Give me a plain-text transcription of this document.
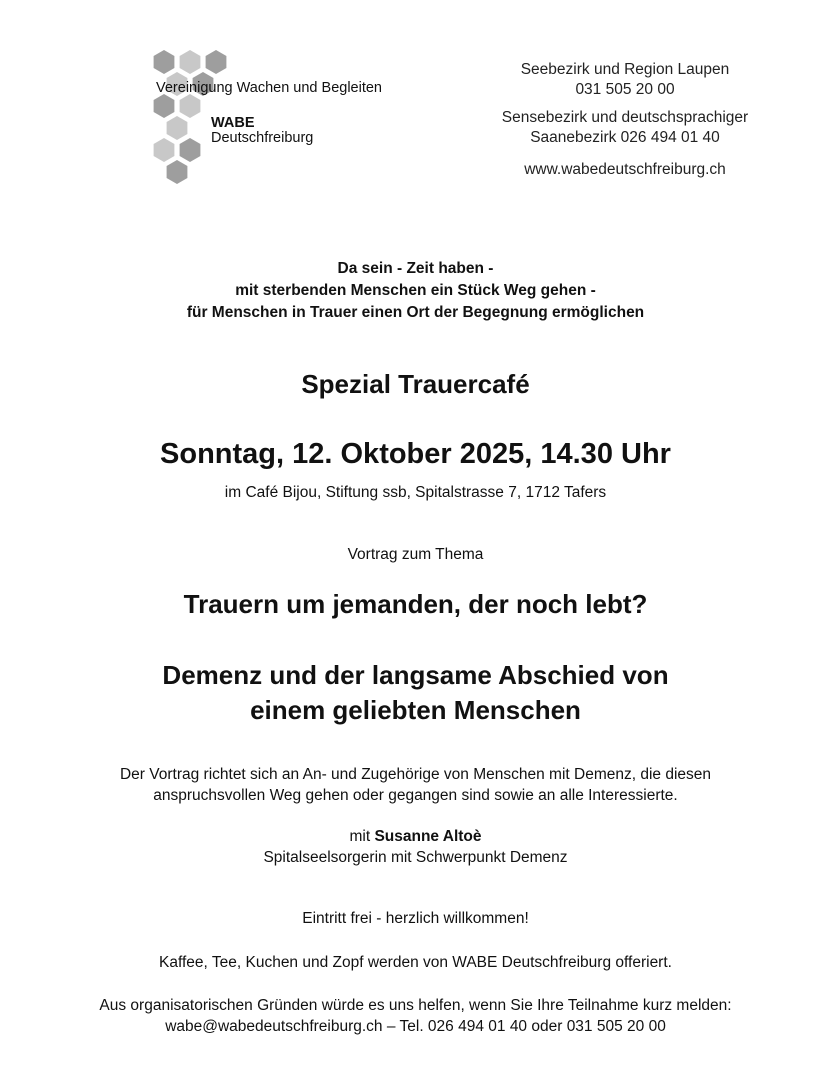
Vereinigung Wachen und Begleiten
WABE
Deutschfreiburg
Seebezirk und Region Laupen
031 505 20 00
Sensebezirk und deutschsprachiger
Saanebezirk 026 494 01 40
www.wabedeutschfreiburg.ch
Da sein - Zeit haben -
mit sterbenden Menschen ein Stück Weg gehen -
für Menschen in Trauer einen Ort der Begegnung ermöglichen
Spezial Trauercafé
Sonntag, 12. Oktober 2025, 14.30 Uhr
im Café Bijou, Stiftung ssb, Spitalstrasse 7, 1712 Tafers
Vortrag zum Thema
Trauern um jemanden, der noch lebt?
Demenz und der langsame Abschied von
einem geliebten Menschen
Der Vortrag richtet sich an An- und Zugehörige von Menschen mit Demenz, die diesen
anspruchsvollen Weg gehen oder gegangen sind sowie an alle Interessierte.
mit Susanne Altoè
Spitalseelsorgerin mit Schwerpunkt Demenz
Eintritt frei - herzlich willkommen!
Kaffee, Tee, Kuchen und Zopf werden von WABE Deutschfreiburg offeriert.
Aus organisatorischen Gründen würde es uns helfen, wenn Sie Ihre Teilnahme kurz melden:
wabe@wabedeutschfreiburg.ch – Tel. 026 494 01 40 oder 031 505 20 00
